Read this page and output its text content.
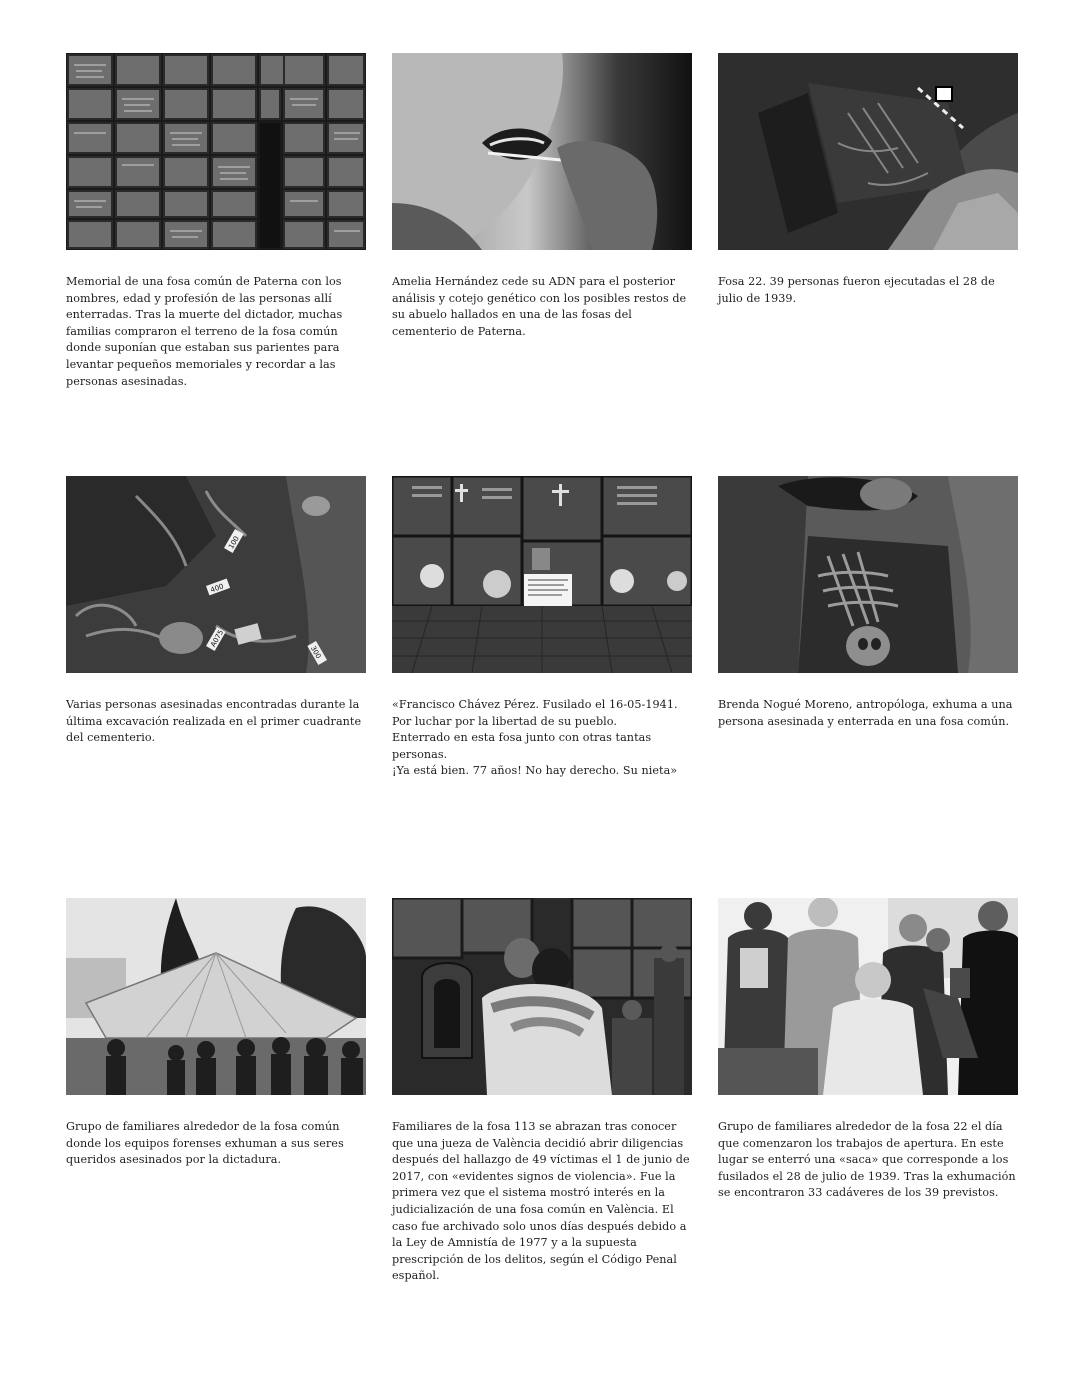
Memorial de una fosa común de Paterna con los nombres, edad y profesión de las personas allí enterradas. Tras la muerte del dictador, muchas familias compraron el terreno de la fosa común donde suponían que estaban sus parientes para levantar pequeños memoriales y recordar a las personas asesinadas.
Amelia Hernández cede su ADN para el posterior análisis y cotejo genético con los posibles restos de su abuelo hallados en una de las fosas del cementerio de Paterna.
Fosa 22. 39 personas fueron ejecutadas el 28 de julio de 1939.
100
400
A075
300
Varias personas asesinadas encontradas durante la última excavación realizada en el primer cuadrante del cementerio.
«Francisco Chávez Pérez. Fusilado el 16-05-1941.
Por luchar por la libertad de su pueblo.
Enterrado en esta fosa junto con otras tantas personas.
¡Ya está bien. 77 años! No hay derecho. Su nieta»
Brenda Nogué Moreno, antropóloga, exhuma a una persona asesinada y enterrada en una fosa común.
Grupo de familiares alrededor de la fosa común donde los equipos forenses exhuman a sus seres queridos asesinados por la dictadura.
Familiares de la fosa 113 se abrazan tras conocer que una jueza de València decidió abrir diligencias después del hallazgo de 49 víctimas el 1 de junio de 2017, con «evidentes signos de violencia». Fue la primera vez que el sistema mostró interés en la judicialización de una fosa común en València. El caso fue archivado solo unos días después debido a la Ley de Amnistía de 1977 y a la supuesta prescripción de los delitos, según el Código Penal español.
Grupo de familiares alrededor de la fosa 22 el día que comenzaron los trabajos de apertura. En este lugar se enterró una «saca» que corresponde a los fusilados el 28 de julio de 1939. Tras la exhumación se encontraron 33 cadáveres de los 39 previstos.
